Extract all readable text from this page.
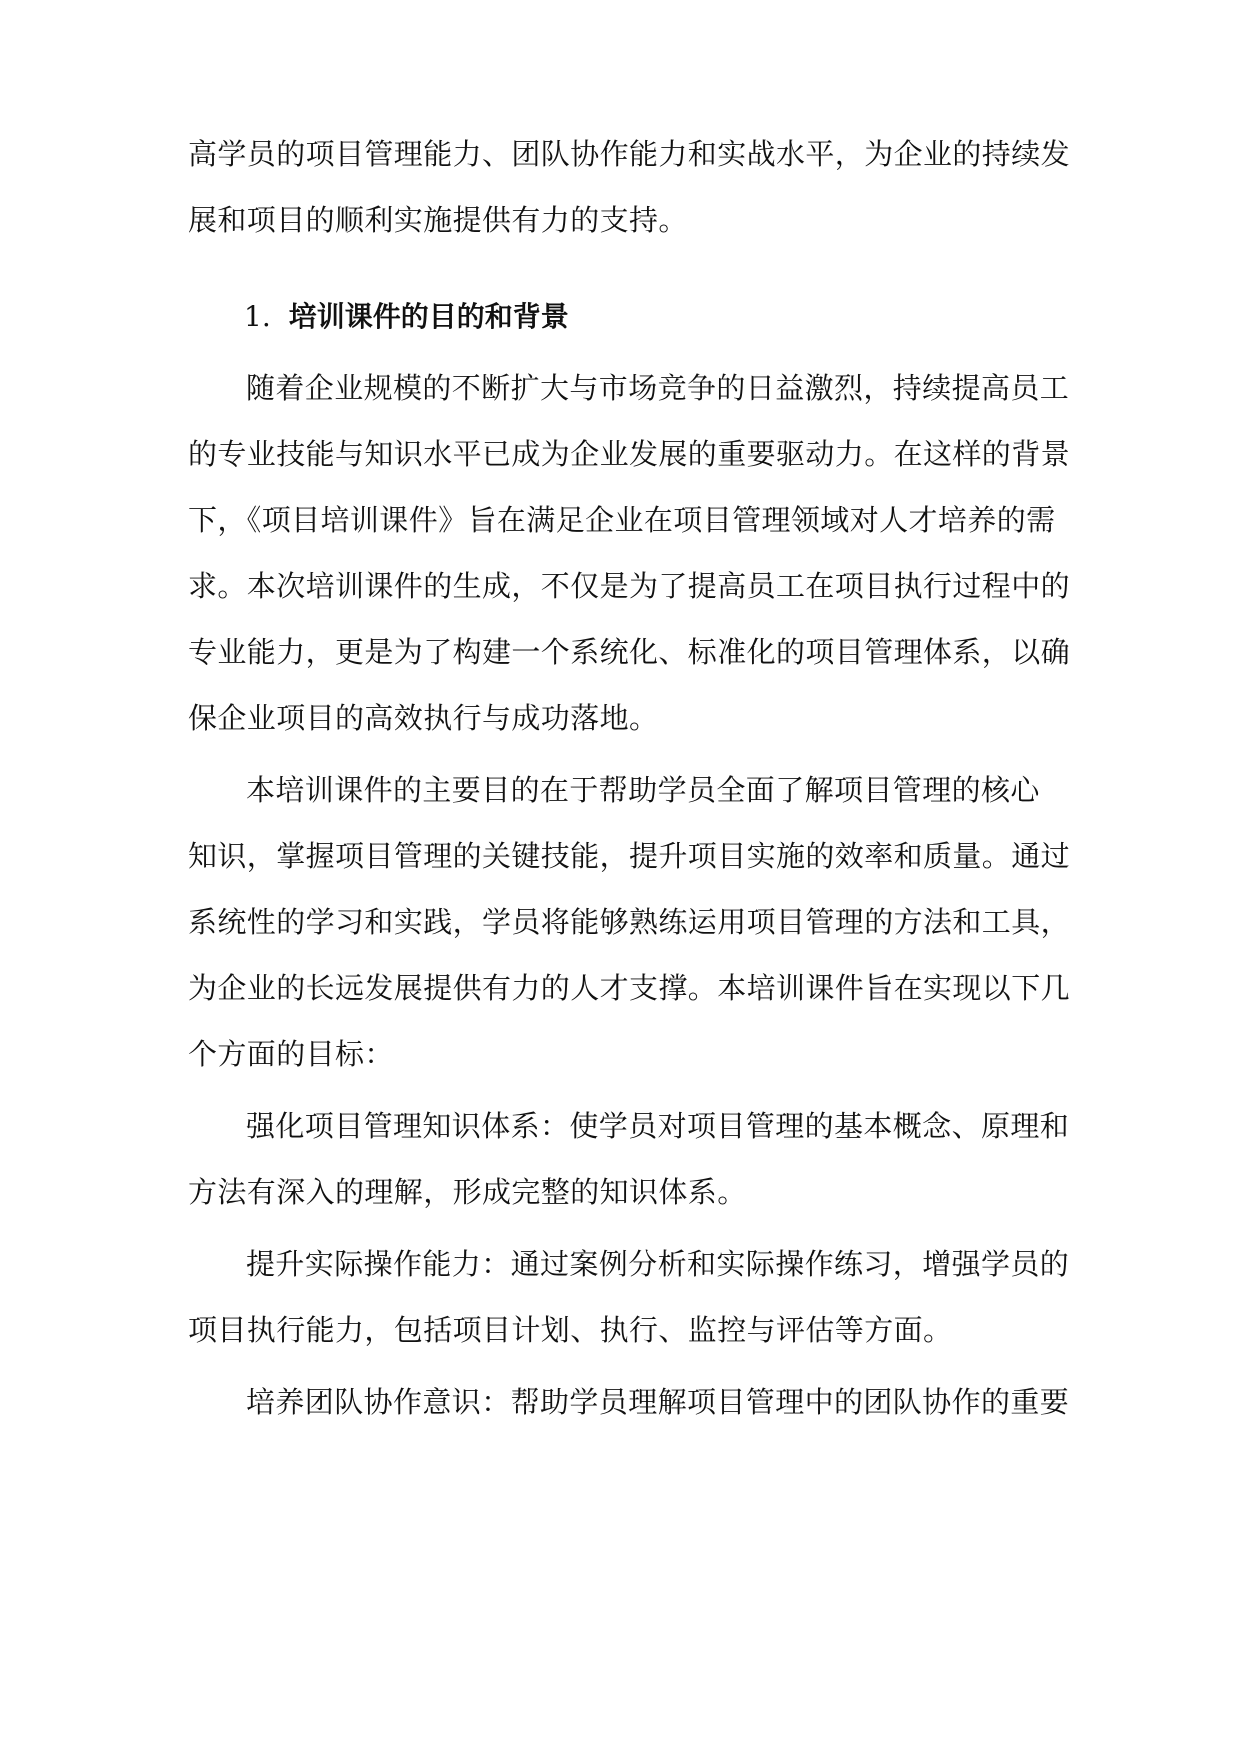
高学员的项目管理能力、团队协作能力和实战水平，为企业的持续发
展和项目的顺利实施提供有力的支持。
1. 培训课件的目的和背景
随着企业规模的不断扩大与市场竞争的日益激烈，持续提高员工
的专业技能与知识水平已成为企业发展的重要驱动力。在这样的背景
下，《项目培训课件》旨在满足企业在项目管理领域对人才培养的需
求。本次培训课件的生成，不仅是为了提高员工在项目执行过程中的
专业能力，更是为了构建一个系统化、标准化的项目管理体系，以确
保企业项目的高效执行与成功落地。
本培训课件的主要目的在于帮助学员全面了解项目管理的核心
知识，掌握项目管理的关键技能，提升项目实施的效率和质量。通过
系统性的学习和实践，学员将能够熟练运用项目管理的方法和工具，
为企业的长远发展提供有力的人才支撑。本培训课件旨在实现以下几
个方面的目标：
强化项目管理知识体系：使学员对项目管理的基本概念、原理和
方法有深入的理解，形成完整的知识体系。
提升实际操作能力：通过案例分析和实际操作练习，增强学员的
项目执行能力，包括项目计划、执行、监控与评估等方面。
培养团队协作意识：帮助学员理解项目管理中的团队协作的重要
